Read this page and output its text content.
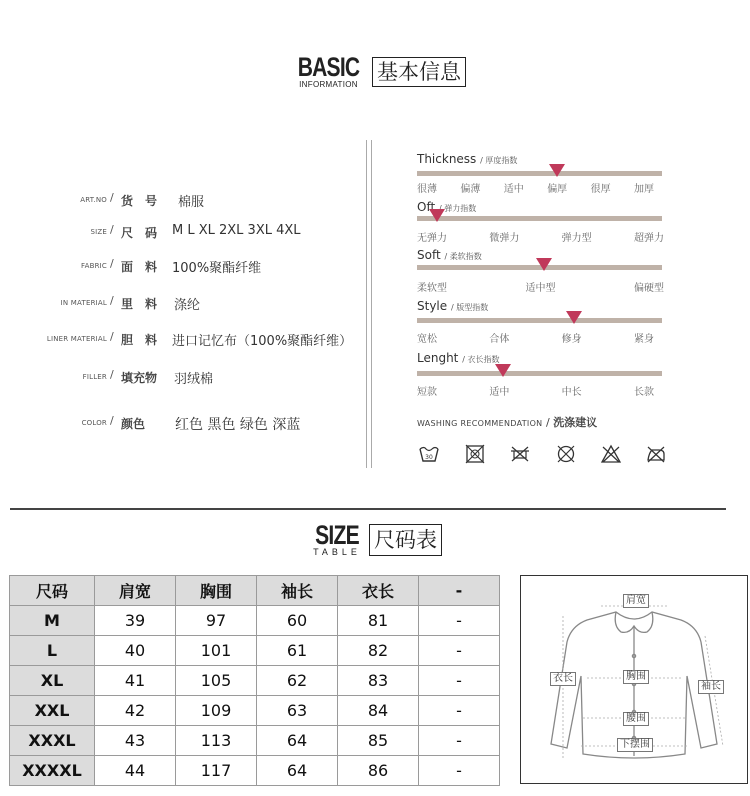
BASIC
INFORMATION
基本信息
ART.NO / 货　号 棉服
SIZE / 尺　码 M L XL 2XL 3XL 4XL
FABRIC / 面　料 100%聚酯纤维
IN MATERIAL / 里　料 涤纶
LINER MATERIAL / 胆　料 进口记忆布（100%聚酯纤维）
FILLER / 填充物 羽绒棉
COLOR / 颜色 红色 黑色 绿色 深蓝
Thickness / 厚度指数
很薄 偏薄 适中 偏厚 很厚 加厚
Oft / 弹力指数
无弹力	微弹力	弹力型	超弹力
Soft / 柔软指数
柔软型	适中型	偏硬型
Style / 版型指数
宽松	合体	修身	紧身
Lenght / 衣长指数
短款	适中	中长	长款
WASHING RECOMMENDATION / 洗涤建议
30
SIZE
TABLE
尺码表
尺码	肩宽	胸围	袖长	衣长	-
M	39	97	60	81	-
L	40	101	61	82	-
XL	41	105	62	83	-
XXL	42	109	63	84	-
XXXL	43	113	64	85	-
XXXXL	44	117	64	86	-
肩宽
衣长	胸围
袖长
腰围
下摆围
